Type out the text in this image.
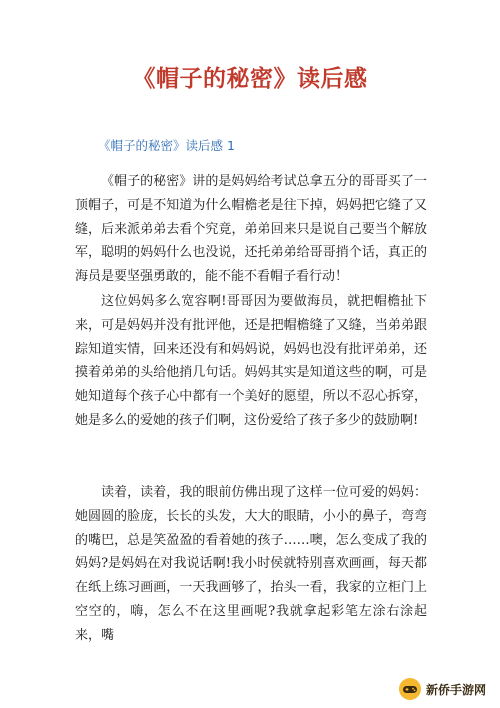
《帽子的秘密》读后感
《帽子的秘密》读后感 1

《帽子的秘密》讲的是妈妈给考试总拿五分的哥哥买了一顶帽子，可是不知道为什么帽檐老是往下掉，妈妈把它缝了又缝，后来派弟弟去看个究竟，弟弟回来只是说自己要当个解放军，聪明的妈妈什么也没说，还托弟弟给哥哥捎个话，真正的海员是要坚强勇敢的，能不能不看帽子看行动！

这位妈妈多么宽容啊!哥哥因为要做海员，就把帽檐扯下来，可是妈妈并没有批评他，还是把帽檐缝了又缝，当弟弟跟踪知道实情，回来还没有和妈妈说，妈妈也没有批评弟弟，还摸着弟弟的头给他捎几句话。妈妈其实是知道这些的啊，可是她知道每个孩子心中都有一个美好的愿望，所以不忍心拆穿，她是多么的爱她的孩子们啊，这份爱给了孩子多少的鼓励啊!

读着，读着，我的眼前仿佛出现了这样一位可爱的妈妈：她圆圆的脸庞，长长的头发，大大的眼睛，小小的鼻子，弯弯的嘴巴，总是笑盈盈的看着她的孩子……噢，怎么变成了我的妈妈?是妈妈在对我说话啊!我小时侯就特别喜欢画画，每天都在纸上练习画画，一天我画够了，抬头一看，我家的立柜门上空空的，嗨，怎么不在这里画呢?我就拿起彩笔左涂右涂起来，嘴

新侨手游网
